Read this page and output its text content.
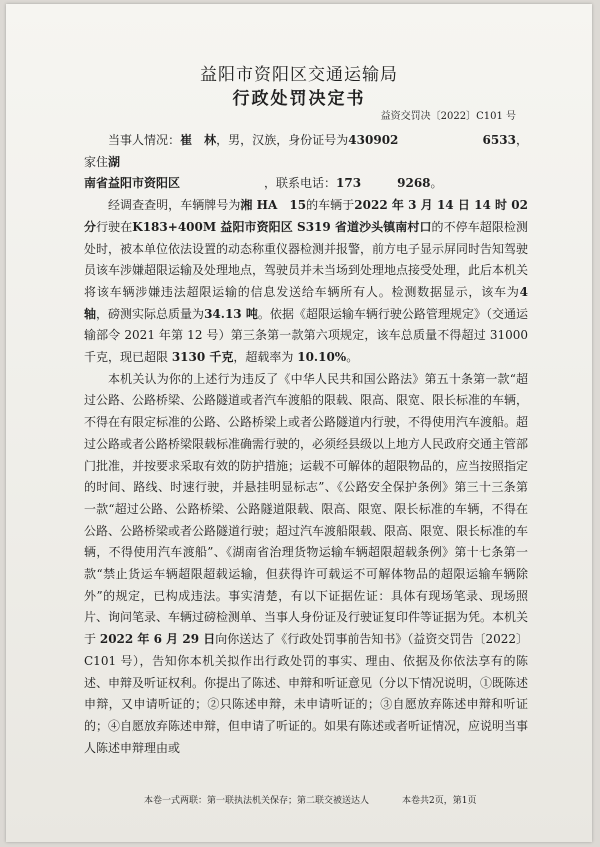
益阳市资阳区交通运输局
行政处罚决定书
益资交罚决〔2022〕C101 号

当事人情况：崔　林，男，汉族，身份证号为430902　　　　　　　	6533，家住湖

南省益阳市资阳区　　　　　　　	，联系电话：173　　　	9268。

经调查查明，车辆牌号为湘 HA　15的车辆于2022 年 3 月 14 日 14 时 02 分行驶在K183+400M 益阳市资阳区 S319 省道沙头镇南村口的不停车超限检测处时，被本单位依法设置的动态称重仪器检测并报警，前方电子显示屏同时告知驾驶员该车涉嫌超限运输及处理地点，驾驶员并未当场到处理地点接受处理，此后本机关将该车辆涉嫌违法超限运输的信息发送给车辆所有人。检测数据显示，该车为4 轴，磅测实际总质量为34.13 吨。依据《超限运输车辆行驶公路管理规定》（交通运输部令 2021 年第 12 号）第三条第一款第六项规定，该车总质量不得超过 31000 千克，现已超限 3130 千克，超载率为 10.10%。

本机关认为你的上述行为违反了《中华人民共和国公路法》第五十条第一款“超过公路、公路桥梁、公路隧道或者汽车渡船的限载、限高、限宽、限长标准的车辆，不得在有限定标准的公路、公路桥梁上或者公路隧道内行驶，不得使用汽车渡船。超过公路或者公路桥梁限载标准确需行驶的，必须经县级以上地方人民政府交通主管部门批准，并按要求采取有效的防护措施；运载不可解体的超限物品的，应当按照指定的时间、路线、时速行驶，并悬挂明显标志”、《公路安全保护条例》第三十三条第一款“超过公路、公路桥梁、公路隧道限载、限高、限宽、限长标准的车辆，不得在公路、公路桥梁或者公路隧道行驶；超过汽车渡船限载、限高、限宽、限长标准的车辆，不得使用汽车渡船”、《湖南省治理货物运输车辆超限超载条例》第十七条第一款“禁止货运车辆超限超载运输，但获得许可载运不可解体物品的超限运输车辆除外”的规定，已构成违法。事实清楚，有以下证据佐证：具体有现场笔录、现场照片、询问笔录、车辆过磅检测单、当事人身份证及行驶证复印件等证据为凭。本机关于 2022 年 6 月 29 日向你送达了《行政处罚事前告知书》（益资交罚告〔2022〕C101 号），告知你本机关拟作出行政处罚的事实、理由、依据及你依法享有的陈述、申辩及听证权利。你提出了陈述、申辩和听证意见（分以下情况说明，①既陈述申辩，又申请听证的；②只陈述申辩，未申请听证的；③自愿放弃陈述申辩和听证的；④自愿放弃陈述申辩，但申请了听证的。如果有陈述或者听证情况，应说明当事人陈述申辩理由或

本卷一式两联：第一联执法机关保存；第二联交被送达人	本卷共2页，第1页
